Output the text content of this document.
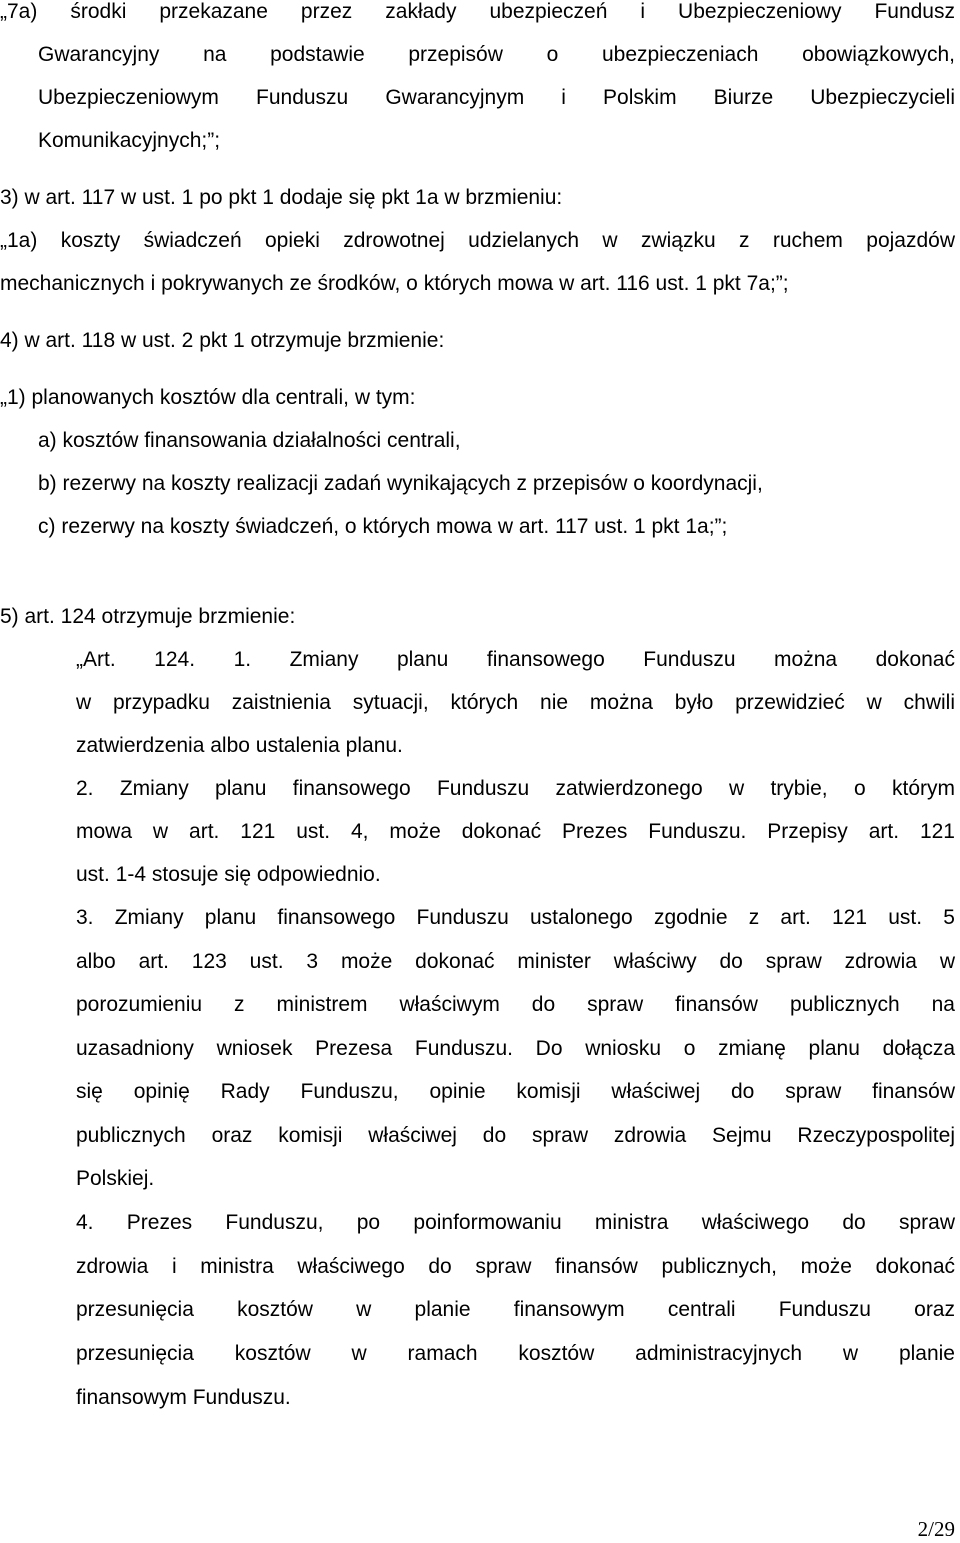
„7a) środki przekazane przez zakłady ubezpieczeń i Ubezpieczeniowy Fundusz
Gwarancyjny na podstawie przepisów o ubezpieczeniach obowiązkowych,
Ubezpieczeniowym Funduszu Gwarancyjnym i Polskim Biurze Ubezpieczycieli
Komunikacyjnych;”;
3) w art. 117 w ust. 1 po pkt 1 dodaje się pkt 1a w brzmieniu:
„1a) koszty świadczeń opieki zdrowotnej udzielanych w związku z ruchem pojazdów
mechanicznych i pokrywanych ze środków, o których mowa w art. 116 ust. 1 pkt 7a;”;
4) w art. 118 w ust. 2 pkt 1 otrzymuje brzmienie:
„1) planowanych kosztów dla centrali, w tym:
a) kosztów finansowania działalności centrali,
b) rezerwy na koszty realizacji zadań wynikających z przepisów o koordynacji,
c) rezerwy na koszty świadczeń, o których mowa w art. 117 ust. 1 pkt 1a;”;
5) art. 124 otrzymuje brzmienie:
„Art. 124. 1. Zmiany planu finansowego Funduszu można dokonać
w przypadku zaistnienia sytuacji, których nie można było przewidzieć w chwili
zatwierdzenia albo ustalenia planu.
2. Zmiany planu finansowego Funduszu zatwierdzonego w trybie, o którym
mowa w art. 121 ust. 4, może dokonać Prezes Funduszu. Przepisy art. 121
ust. 1-4 stosuje się odpowiednio.
3. Zmiany planu finansowego Funduszu ustalonego zgodnie z art. 121 ust. 5
albo art. 123 ust. 3 może dokonać minister właściwy do spraw zdrowia w
porozumieniu z ministrem właściwym do spraw finansów publicznych na
uzasadniony wniosek Prezesa Funduszu. Do wniosku o zmianę planu dołącza
się opinię Rady Funduszu, opinie komisji właściwej do spraw finansów
publicznych oraz komisji właściwej do spraw zdrowia Sejmu Rzeczypospolitej
Polskiej.
4. Prezes Funduszu, po poinformowaniu ministra właściwego do spraw
zdrowia i ministra właściwego do spraw finansów publicznych, może dokonać
przesunięcia kosztów w planie finansowym centrali Funduszu oraz
przesunięcia kosztów w ramach kosztów administracyjnych w planie
finansowym Funduszu.
2/29
